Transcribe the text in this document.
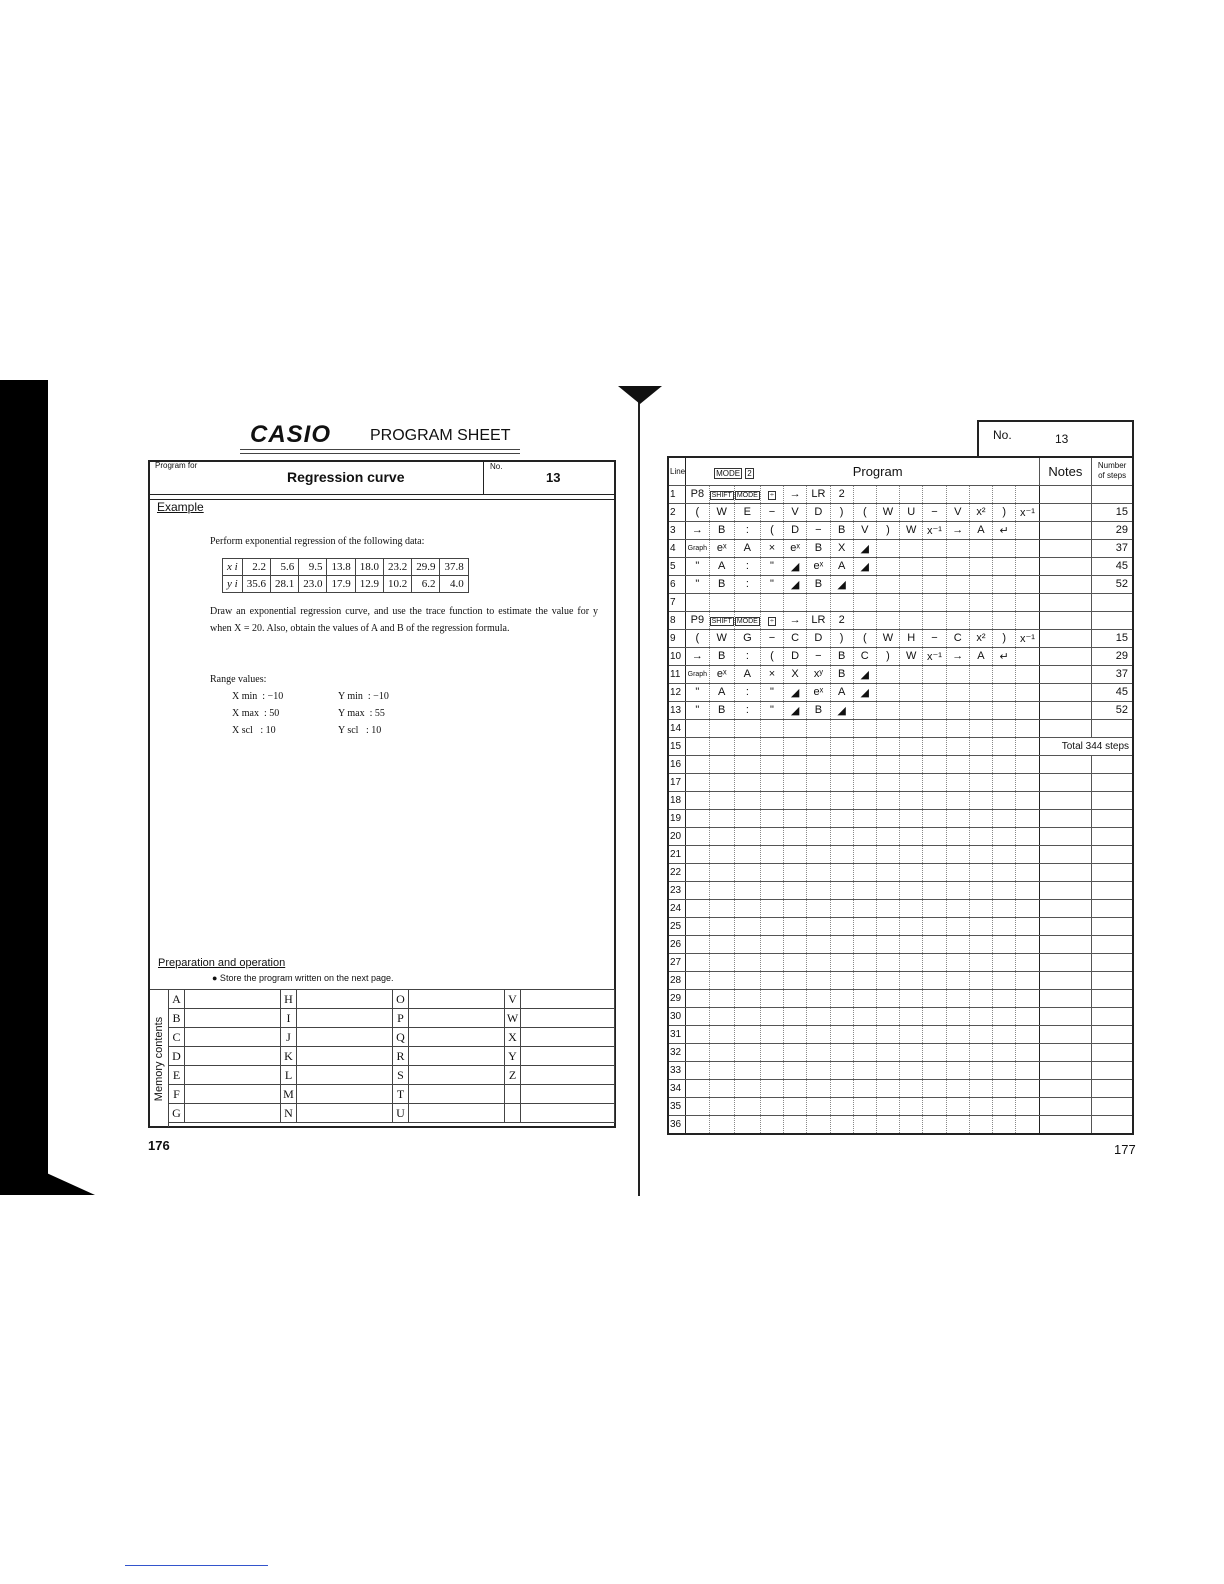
CASIO PROGRAM SHEET
Program for
Regression curve
No.
13
Example
Perform exponential regression of the following data:
x i	2.2	5.6	9.5	13.8	18.0	23.2	29.9	37.8
y i	35.6	28.1	23.0	17.9	12.9	10.2	6.2	4.0
Draw an exponential regression curve, and use the trace function to estimate the value for y when X = 20. Also, obtain the values of A and B of the regression formula.
Range values:
X min  : −10
X max  : 50
X scl   : 10
Y min  : −10
Y max  : 55
Y scl   : 10
Preparation and operation
● Store the program written on the next page.
Memory contents
A		H		O		V	
B		I		P		W	
C		J		Q		X	
D		K		R		Y	
E		L		S		Z	
F		M		T			
G		N		U			
176
No.	13
Line	MODE 2 Program															Notes	Number
of steps
1	P8	SHIFT	MODE	÷	→	LR	2										
2	(	W	E	−	V	D	)	(	W	U	−	V	x²	)	x⁻¹		15
3	→	B	:	(	D	−	B	V	)	W	x⁻¹	→	A	↵			29
4	Graph	eˣ	A	×	eˣ	B	X	◢									37
5	"	A	:	"	◢	eˣ	A	◢									45
6	"	B	:	"	◢	B	◢										52
7																	
8	P9	SHIFT	MODE	÷	→	LR	2										
9	(	W	G	−	C	D	)	(	W	H	−	C	x²	)	x⁻¹		15
10	→	B	:	(	D	−	B	C	)	W	x⁻¹	→	A	↵			29
11	Graph	eˣ	A	×	X	xʸ	B	◢									37
12	"	A	:	"	◢	eˣ	A	◢									45
13	"	B	:	"	◢	B	◢										52
14																	
15																Total 344 steps	
16																	
17																	
18																	
19																	
20																	
21																	
22																	
23																	
24																	
25																	
26																	
27																	
28																	
29																	
30																	
31																	
32																	
33																	
34																	
35																	
36																	
177
